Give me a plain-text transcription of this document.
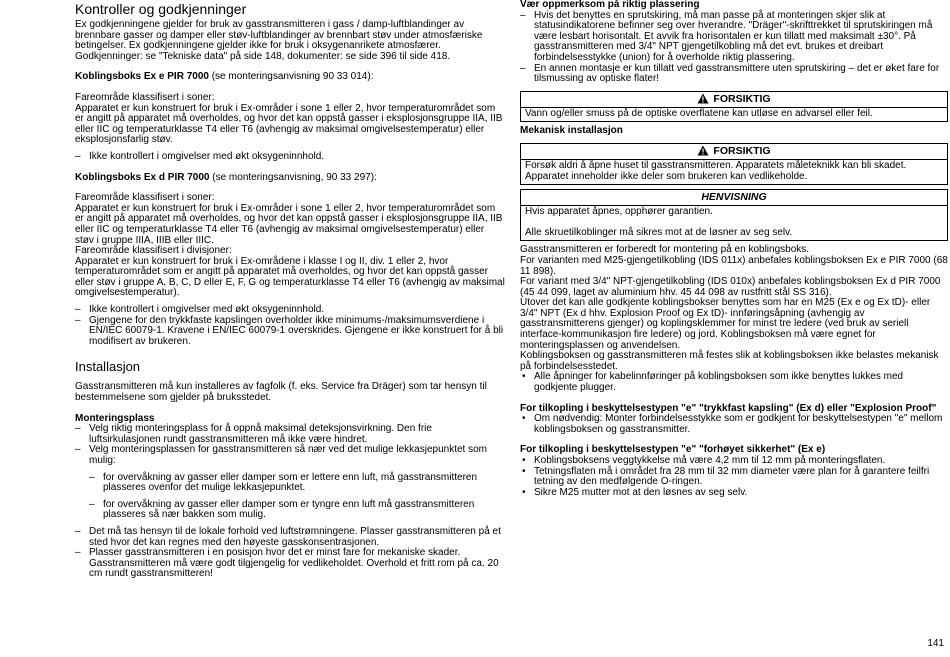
Kontroller og godkjenninger

Ex godkjenningene gjelder for bruk av gasstransmitteren i gass / damp-luftblandinger av brennbare gasser og damper eller støv-luftblandinger av brennbart støv under atmosfæriske betingelser. Ex godkjenningene gjelder ikke for bruk i oksygenanrikete atmosfærer. Godkjenninger: se "Tekniske data" på side 148, dokumenter: se side 396 til side 418.

Koblingsboks Ex e PIR 7000 (se monteringsanvisning 90 33 014):

Fareområde klassifisert i soner:

Apparatet er kun konstruert for bruk i Ex-områder i sone 1 eller 2, hvor temperaturområdet som er angitt på apparatet må overholdes, og hvor det kan oppstå gasser i eksplosjonsgruppe IIA, IIB eller IIC og temperaturklasse T4 eller T6 (avhengig av maksimal omgivelsestemperatur) eller eksplosjonsfarlig støv.

– Ikke kontrollert i omgivelser med økt oksygeninnhold.

Koblingsboks Ex d PIR 7000 (se monteringsanvisning, 90 33 297):

Fareområde klassifisert i soner:

Apparatet er kun konstruert for bruk i Ex-områder i sone 1 eller 2, hvor temperaturområdet som er angitt på apparatet må overholdes, og hvor det kan oppstå gasser i eksplosjonsgruppe IIA, IIB eller IIC og temperaturklasse T4 eller T6 (avhengig av maksimal omgivelsestemperatur) eller støv i gruppe IIIA, IIIB eller IIIC.

Fareområde klassifisert i divisjoner:

Apparatet er kun konstruert for bruk i Ex-områdene i klasse I og II, div. 1 eller 2, hvor temperaturområdet som er angitt på apparatet må overholdes, og hvor det kan oppstå gasser eller støv i gruppe A, B, C, D eller E, F, G og temperaturklasse T4 eller T6 (avhengig av maksimal omgivelsestemperatur).

– Ikke kontrollert i omgivelser med økt oksygeninnhold.

– Gjengene for den trykkfaste kapslingen overholder ikke minimums-/maksimumsverdiene i EN/IEC 60079-1. Kravene i EN/IEC 60079-1 overskrides. Gjengene er ikke konstruert for å bli modifisert av brukeren.

Installasjon

Gasstransmitteren må kun installeres av fagfolk (f. eks. Service fra Dräger) som tar hensyn til bestemmelsene som gjelder på bruksstedet.

Monteringsplass

– Velg riktig monteringsplass for å oppnå maksimal deteksjonsvirkning. Den frie luftsirkulasjonen rundt gasstransmitteren må ikke være hindret.

– Velg monteringsplassen for gasstransmitteren så nær ved det mulige lekkasjepunktet som mulig:

– for overvåkning av gasser eller damper som er lettere enn luft, må gasstransmitteren plasseres ovenfor det mulige lekkasjepunktet.

– for overvåkning av gasser eller damper som er tyngre enn luft må gasstransmitteren plasseres så nær bakken som mulig.

– Det må tas hensyn til de lokale forhold ved luftstrømningene. Plasser gasstransmitteren på et sted hvor det kan regnes med den høyeste gasskonsentrasjonen.

– Plasser gasstransmitteren i en posisjon hvor det er minst fare for mekaniske skader. Gasstransmitteren må være godt tilgjengelig for vedlikeholdet. Overhold et fritt rom på ca. 20 cm rundt gasstransmitteren!

Vær oppmerksom på riktig plassering

– Hvis det benyttes en sprutskiring, må man passe på at monteringen skjer slik at statusindikatorene befinner seg over hverandre. "Dräger"-skrifttrekket til sprutskiringen må være lesbart horisontalt. Et avvik fra horisontalen er kun tillatt med maksimalt ±30°. På gasstransmitteren med 3/4" NPT gjengetilkobling må det evt. brukes et dreibart forbindelsesstykke (union) for å overholde riktig plassering.

– En annen montasje er kun tillatt ved gasstransmittere uten sprutskiring – det er øket fare for tilsmussing av optiske flater!

FORSIKTIG
Vann og/eller smuss på de optiske overflatene kan utløse en advarsel eller feil.

Mekanisk installasjon

FORSIKTIG
Forsøk aldri å åpne huset til gasstransmitteren. Apparatets måleteknikk kan bli skadet. Apparatet inneholder ikke deler som brukeren kan vedlikeholde.
HENVISNING

Hvis apparatet åpnes, opphører garantien.

Alle skruetilkoblinger må sikres mot at de løsner av seg selv.

Gasstransmitteren er forberedt for montering på en koblingsboks.

For varianten med M25-gjengetilkobling (IDS 011x) anbefales koblingsboksen Ex e PIR 7000 (68 11 898).

For variant med 3/4" NPT-gjengetilkobling (IDS 010x) anbefales koblingsboksen Ex d PIR 7000 (45 44 099, laget av aluminium hhv. 45 44 098 av rustfritt stål SS 316).

Utover det kan alle godkjente koblingsbokser benyttes som har en M25 (Ex e og Ex tD)- eller 3/4" NPT (Ex d hhv. Explosion Proof og Ex tD)- innføringsåpning (avhengig av gasstransmitterens gjenger) og koplingsklemmer for minst tre ledere (ved bruk av seriell interface-kommunikasjon fire ledere) og jord. Koblingsboksen må være egnet for monteringsplassen og anvendelsen.

Koblingsboksen og gasstransmitteren må festes slik at koblingsboksen ikke belastes mekanisk på forbindelsesstedet.

• Alle åpninger for kabelinnføringer på koblingsboksen som ikke benyttes lukkes med godkjente plugger.

For tilkopling i beskyttelsestypen "e" "trykkfast kapsling" (Ex d) eller "Explosion Proof"

• Om nødvendig: Monter forbindelsesstykke som er godkjent for beskyttelsestypen "e" mellom koblingsboksen og gasstransmitter.

For tilkopling i beskyttelsestypen "e" "forhøyet sikkerhet" (Ex e)

• Koblingsboksens veggtykkelse må være 4,2 mm til 12 mm på monteringsflaten.

• Tetningsflaten må i området fra 28 mm til 32 mm diameter være plan for å garantere feilfri tetning av den medfølgende O-ringen.

• Sikre M25 mutter mot at den løsnes av seg selv.

141
